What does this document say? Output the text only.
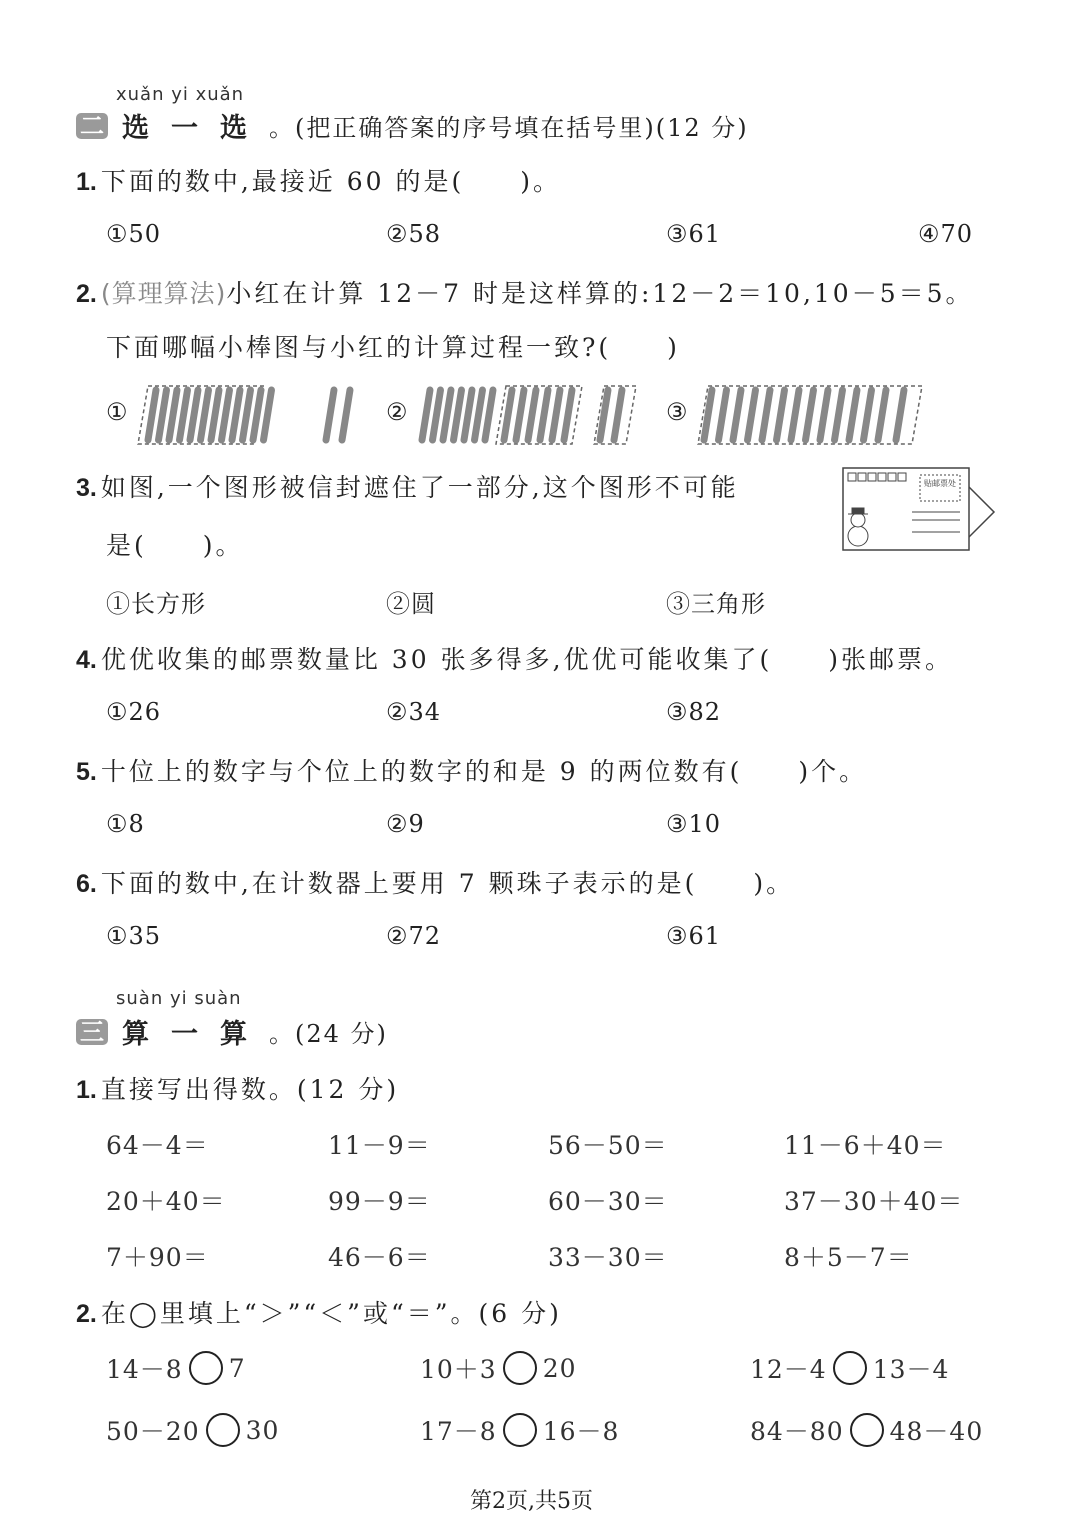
xuǎn yi xuǎn
二 选一选 。(把正确答案的序号填在括号里)(12 分)
1. 下面的数中,最接近 60 的是(　　)。
①50	②58	③61	④70
2. (算理算法)小红在计算 12－7 时是这样算的:12－2＝10,10－5＝5。
下面哪幅小棒图与小红的计算过程一致?(　　)
①	②	③
3. 如图,一个图形被信封遮住了一部分,这个图形不可能
是(　　)。
贴邮票处
①长方形	②圆	③三角形
4. 优优收集的邮票数量比 30 张多得多,优优可能收集了(　　)张邮票。
①26	②34	③82
5. 十位上的数字与个位上的数字的和是 9 的两位数有(　　)个。
①8	②9	③10
6. 下面的数中,在计数器上要用 7 颗珠子表示的是(　　)。
①35	②72	③61
suàn yi suàn
三 算一算 。(24 分)
1. 直接写出得数。(12 分)
64－4＝	11－9＝	56－50＝	11－6＋40＝
20＋40＝	99－9＝	60－30＝	37－30＋40＝
7＋90＝	46－6＝	33－30＝	8＋5－7＝
2. 在◯里填上“＞”“＜”或“＝”。(6 分)
14－8 7	10＋3 20	12－4 13－4
50－20 30	17－8 16－8	84－80 48－40
第2页,共5页
